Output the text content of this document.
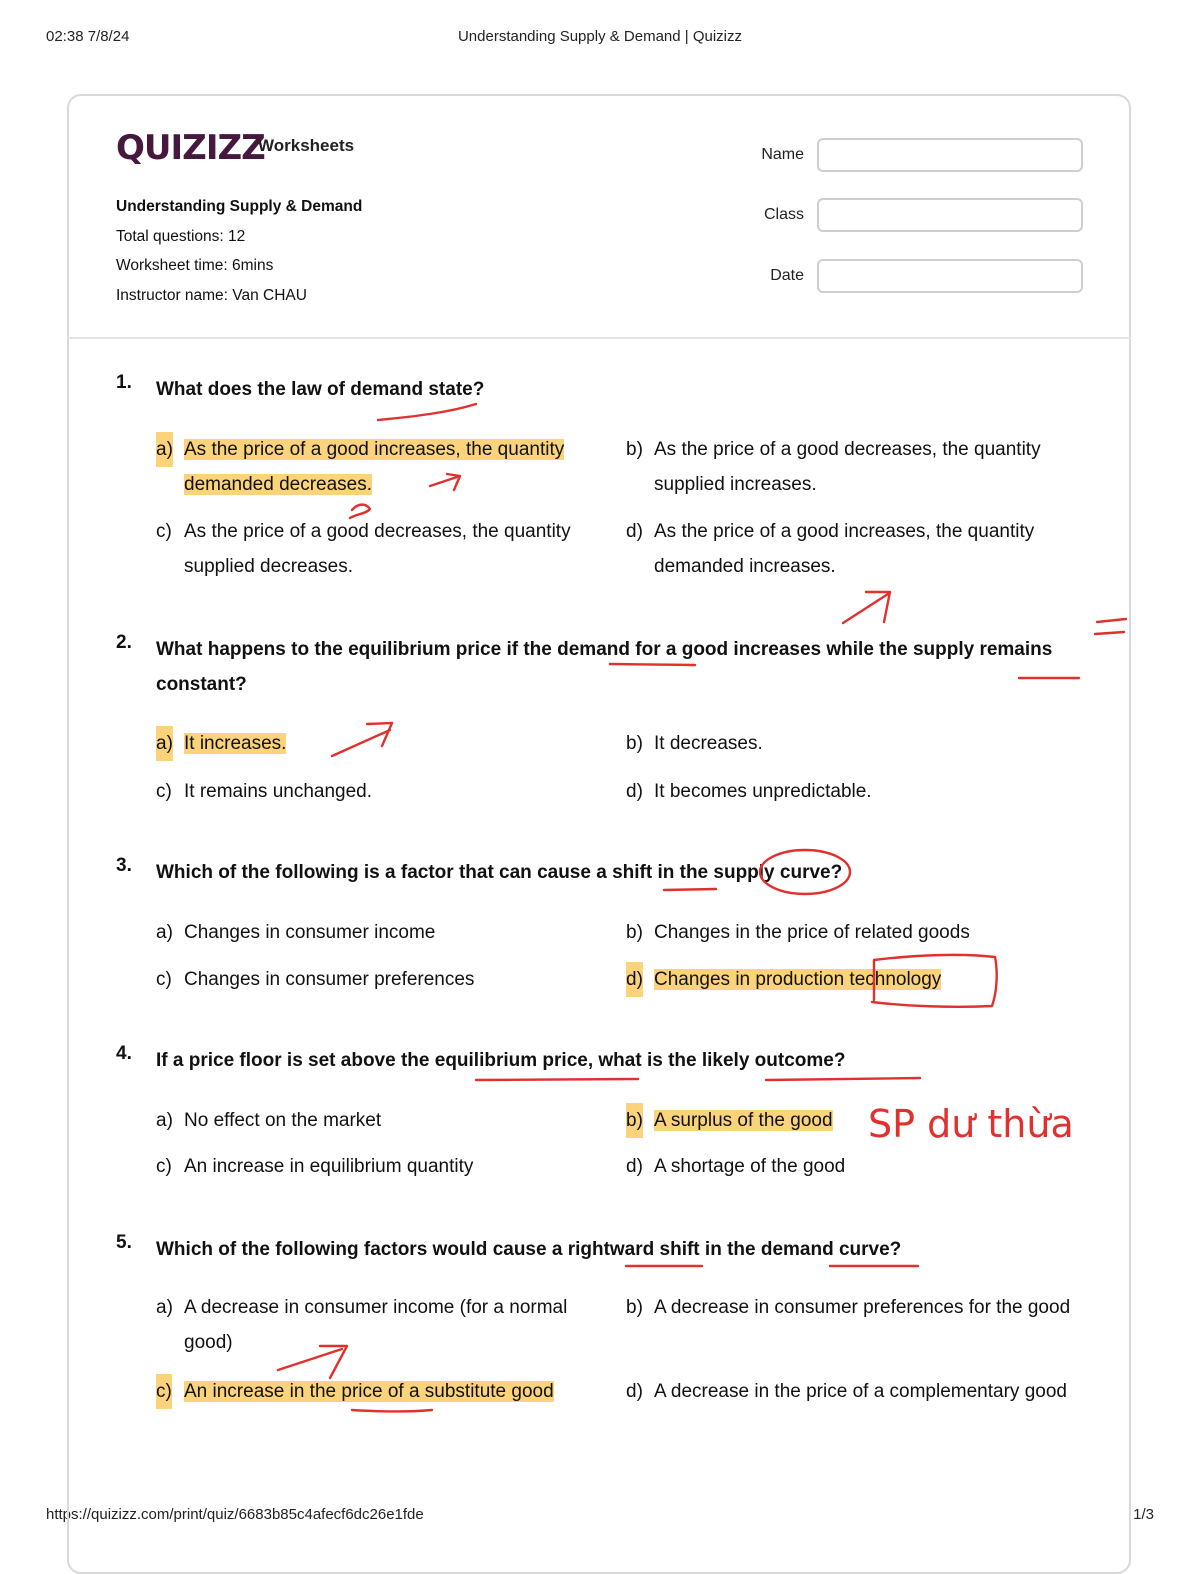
02:38 7/8/24	Understanding Supply & Demand | Quizizz
https://quizizz.com/print/quiz/6683b85c4afecf6dc26e1fde	1/3
QUIZIZZ
Worksheets
Understanding Supply & Demand
Total questions: 12
Worksheet time: 6mins
Instructor name: Van CHAU
Name
Class
Date
1. What does the law of demand state?
a) As the price of a good increases, the quantity demanded decreases.
b) As the price of a good decreases, the quantity supplied increases.
c) As the price of a good decreases, the quantity supplied decreases.
d) As the price of a good increases, the quantity demanded increases.
2. What happens to the equilibrium price if the demand for a good increases while the supply remains constant?
a) It increases.	b) It decreases.
c) It remains unchanged.	d) It becomes unpredictable.
3. Which of the following is a factor that can cause a shift in the supply curve?
a) Changes in consumer income	b) Changes in the price of related goods
c) Changes in consumer preferences	d) Changes in production technology
4. If a price floor is set above the equilibrium price, what is the likely outcome?
a) No effect on the market	b) A surplus of the good
c) An increase in equilibrium quantity	d) A shortage of the good
5. Which of the following factors would cause a rightward shift in the demand curve?
a) A decrease in consumer income (for a normal good)
b) A decrease in consumer preferences for the good
c) An increase in the price of a substitute good	d) A decrease in the price of a complementary good
SP dư thừa
